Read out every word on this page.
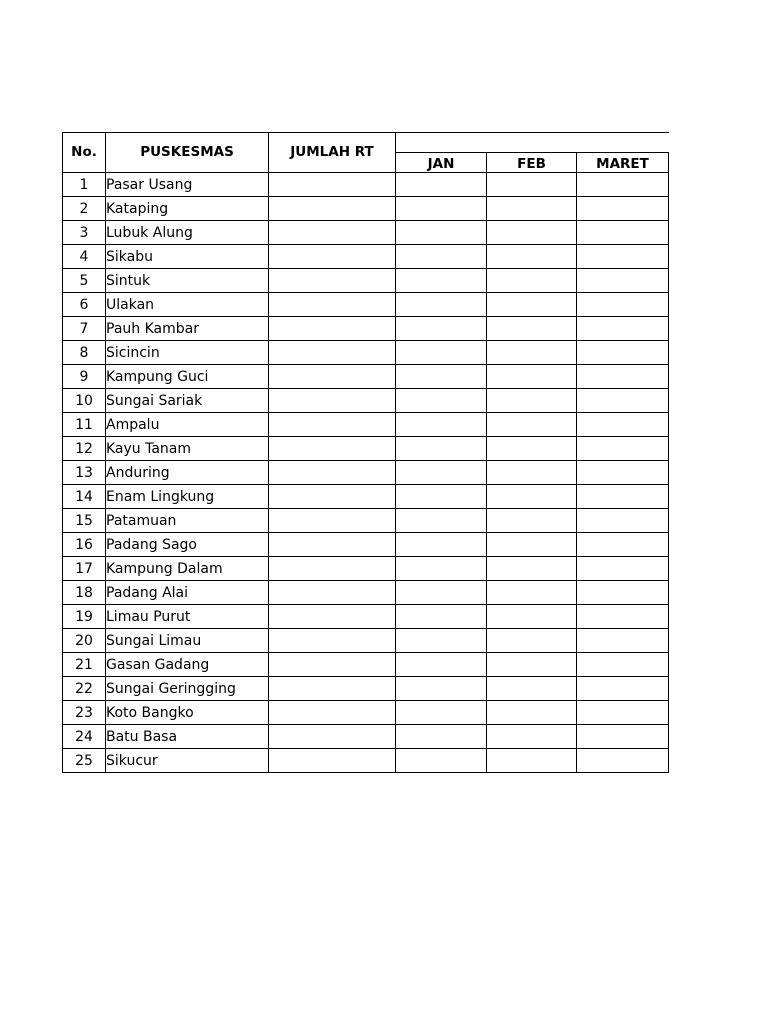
No.	PUSKESMAS	JUMLAH RT			
			JAN	FEB	MARET
1	Pasar Usang				
2	Kataping				
3	Lubuk Alung				
4	Sikabu				
5	Sintuk				
6	Ulakan				
7	Pauh Kambar				
8	Sicincin				
9	Kampung Guci				
10	Sungai Sariak				
11	Ampalu				
12	Kayu Tanam				
13	Anduring				
14	Enam Lingkung				
15	Patamuan				
16	Padang Sago				
17	Kampung Dalam				
18	Padang Alai				
19	Limau Purut				
20	Sungai Limau				
21	Gasan Gadang				
22	Sungai Geringging				
23	Koto Bangko				
24	Batu Basa				
25	Sikucur				
